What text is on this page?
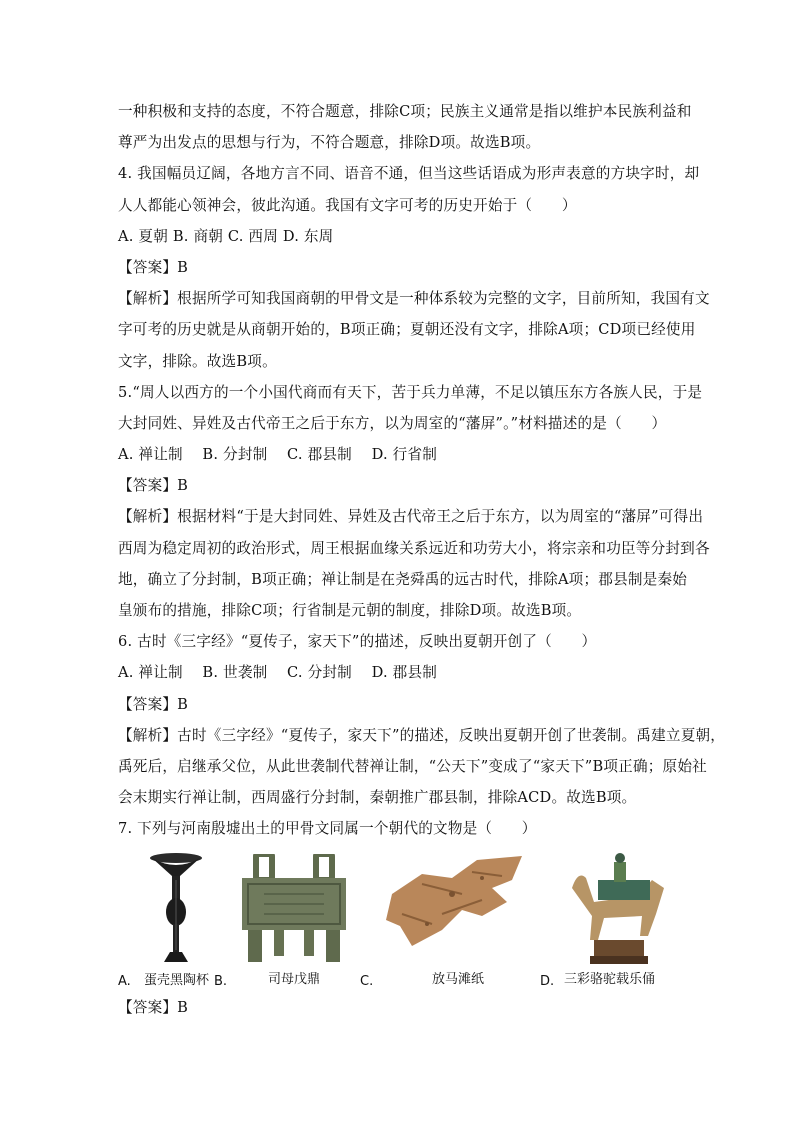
一种积极和支持的态度，不符合题意，排除C项；民族主义通常是指以维护本民族利益和
尊严为出发点的思想与行为，不符合题意，排除D项。故选B项。
4. 我国幅员辽阔，各地方言不同、语音不通，但当这些话语成为形声表意的方块字时，却
人人都能心领神会，彼此沟通。我国有文字可考的历史开始于（　　）
A. 夏朝 B. 商朝 C. 西周 D. 东周
【答案】B
【解析】根据所学可知我国商朝的甲骨文是一种体系较为完整的文字，目前所知，我国有文
字可考的历史就是从商朝开始的，B项正确；夏朝还没有文字，排除A项；CD项已经使用
文字，排除。故选B项。
5.“周人以西方的一个小国代商而有天下，苦于兵力单薄，不足以镇压东方各族人民，于是
大封同姓、异姓及古代帝王之后于东方，以为周室的“藩屏”。”材料描述的是（　　）
A. 禅让制　 B. 分封制　 C. 郡县制　 D. 行省制
【答案】B
【解析】根据材料“于是大封同姓、异姓及古代帝王之后于东方，以为周室的“藩屏”可得出
西周为稳定周初的政治形式，周王根据血缘关系远近和功劳大小，将宗亲和功臣等分封到各
地，确立了分封制，B项正确；禅让制是在尧舜禹的远古时代，排除A项；郡县制是秦始
皇颁布的措施，排除C项；行省制是元朝的制度，排除D项。故选B项。
6. 古时《三字经》“夏传子，家天下”的描述，反映出夏朝开创了（　　）
A. 禅让制　 B. 世袭制　 C. 分封制　 D. 郡县制
【答案】B
【解析】古时《三字经》“夏传子，家天下”的描述，反映出夏朝开创了世袭制。禹建立夏朝，
禹死后，启继承父位，从此世袭制代替禅让制，“公天下”变成了“家天下”B项正确；原始社
会末期实行禅让制，西周盛行分封制，秦朝推广郡县制，排除ACD。故选B项。
7. 下列与河南殷墟出土的甲骨文同属一个朝代的文物是（　　）
A. 蛋壳黑陶杯 B.	司母戊鼎	C.	放马滩纸	D. 三彩骆驼载乐俑
【答案】B
